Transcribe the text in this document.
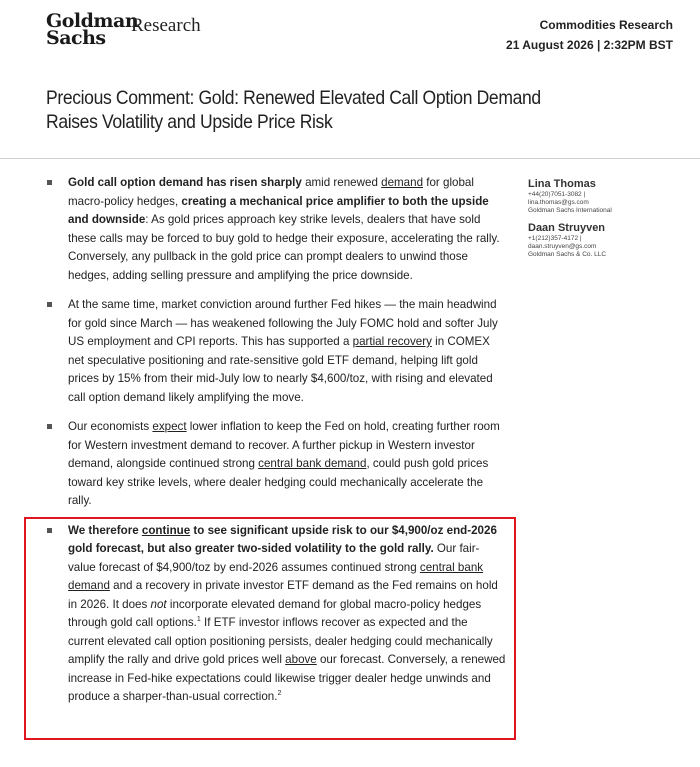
Goldman
Sachs
Research	Commodities Research
21 August 2026 | 2:32PM BST
Precious Comment: Gold: Renewed Elevated Call Option Demand Raises Volatility and Upside Price Risk
Gold call option demand has risen sharply amid renewed demand for global macro-policy hedges, creating a mechanical price amplifier to both the upside and downside: As gold prices approach key strike levels, dealers that have sold these calls may be forced to buy gold to hedge their exposure, accelerating the rally. Conversely, any pullback in the gold price can prompt dealers to unwind those hedges, adding selling pressure and amplifying the price downside.
At the same time, market conviction around further Fed hikes — the main headwind for gold since March — has weakened following the July FOMC hold and softer July US employment and CPI reports. This has supported a partial recovery in COMEX net speculative positioning and rate-sensitive gold ETF demand, helping lift gold prices by 15% from their mid-July low to nearly $4,600/toz, with rising and elevated call option demand likely amplifying the move.
Our economists expect lower inflation to keep the Fed on hold, creating further room for Western investment demand to recover. A further pickup in Western investor demand, alongside continued strong central bank demand, could push gold prices toward key strike levels, where dealer hedging could mechanically accelerate the rally.
We therefore continue to see significant upside risk to our $4,900/oz end-2026 gold forecast, but also greater two-sided volatility to the gold rally. Our fair-value forecast of $4,900/toz by end-2026 assumes continued strong central bank demand and a recovery in private investor ETF demand as the Fed remains on hold in 2026. It does not incorporate elevated demand for global macro-policy hedges through gold call options.$^1$ If ETF investor inflows recover as expected and the current elevated call option positioning persists, dealer hedging could mechanically amplify the rally and drive gold prices well above our forecast. Conversely, a renewed increase in Fed-hike expectations could likewise trigger dealer hedge unwinds and produce a sharper-than-usual correction.$^2$
Lina Thomas
+44(20)7051-3082 |
lina.thomas@gs.com
Goldman Sachs International
Daan Struyven
+1(212)357-4172 |
daan.struyven@gs.com
Goldman Sachs & Co. LLC
